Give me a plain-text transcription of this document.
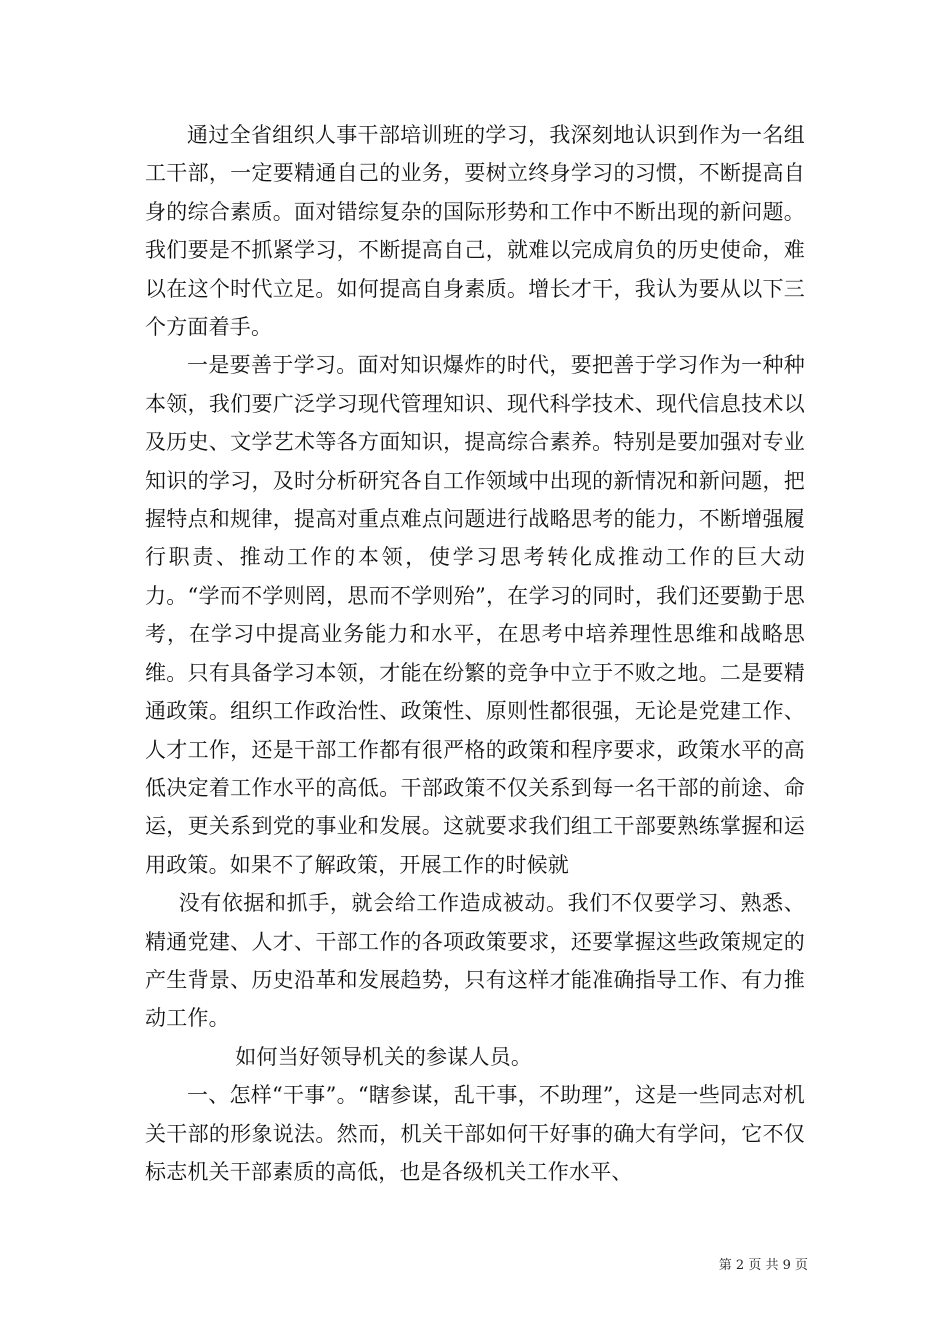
通过全省组织人事干部培训班的学习，我深刻地认识到作为一名组工干部，一定要精通自己的业务，要树立终身学习的习惯，不断提高自身的综合素质。面对错综复杂的国际形势和工作中不断出现的新问题。我们要是不抓紧学习，不断提高自己，就难以完成肩负的历史使命，难以在这个时代立足。如何提高自身素质。增长才干，我认为要从以下三个方面着手。

一是要善于学习。面对知识爆炸的时代，要把善于学习作为一种种本领，我们要广泛学习现代管理知识、现代科学技术、现代信息技术以及历史、文学艺术等各方面知识，提高综合素养。特别是要加强对专业知识的学习，及时分析研究各自工作领域中出现的新情况和新问题，把握特点和规律，提高对重点难点问题进行战略思考的能力，不断增强履行职责、推动工作的本领，使学习思考转化成推动工作的巨大动力。“学而不学则罔，思而不学则殆”，在学习的同时，我们还要勤于思考，在学习中提高业务能力和水平，在思考中培养理性思维和战略思维。只有具备学习本领，才能在纷繁的竞争中立于不败之地。二是要精通政策。组织工作政治性、政策性、原则性都很强，无论是党建工作、人才工作，还是干部工作都有很严格的政策和程序要求，政策水平的高低决定着工作水平的高低。干部政策不仅关系到每一名干部的前途、命运，更关系到党的事业和发展。这就要求我们组工干部要熟练掌握和运用政策。如果不了解政策，开展工作的时候就

没有依据和抓手，就会给工作造成被动。我们不仅要学习、熟悉、精通党建、人才、干部工作的各项政策要求，还要掌握这些政策规定的产生背景、历史沿革和发展趋势，只有这样才能准确指导工作、有力推动工作。

如何当好领导机关的参谋人员。

一、怎样“干事”。“瞎参谋，乱干事，不助理”，这是一些同志对机关干部的形象说法。然而，机关干部如何干好事的确大有学问，它不仅标志机关干部素质的高低，也是各级机关工作水平、

第 2 页 共 9 页
